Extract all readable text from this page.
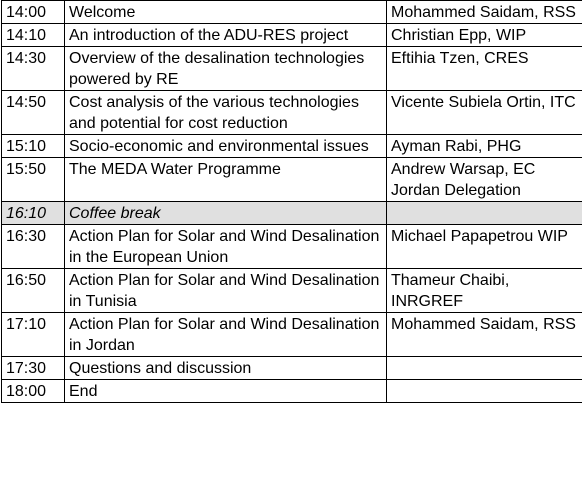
14:00	Welcome	Mohammed Saidam, RSS
14:10	An introduction of the ADU-RES project	Christian Epp, WIP
14:30	Overview of the desalination technologies powered by RE	Eftihia Tzen, CRES
14:50	Cost analysis of the various technologies and potential for cost reduction	Vicente Subiela Ortin, ITC
15:10	Socio-economic and environmental issues	Ayman Rabi, PHG
15:50	The MEDA Water Programme	Andrew Warsap, EC Jordan Delegation
16:10	Coffee break	
16:30	Action Plan for Solar and Wind Desalination in the European Union	Michael Papapetrou WIP
16:50	Action Plan for Solar and Wind Desalination in Tunisia	Thameur Chaibi, INRGREF
17:10	Action Plan for Solar and Wind Desalination in Jordan	Mohammed Saidam, RSS
17:30	Questions and discussion	
18:00	End	
